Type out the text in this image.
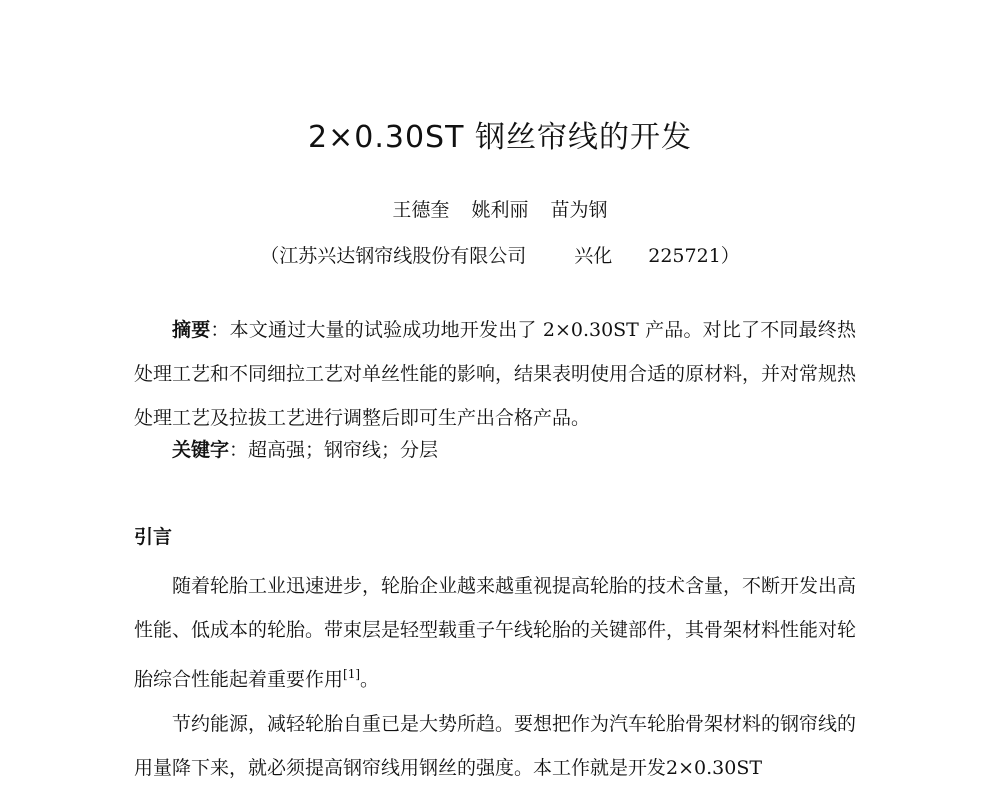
2×0.30ST 钢丝帘线的开发
王德奎 姚利丽 苗为钢
（江苏兴达钢帘线股份有限公司	兴化 225721）

摘要：本文通过大量的试验成功地开发出了 2×0.30ST 产品。对比了不同最终热处理工艺和不同细拉工艺对单丝性能的影响，结果表明使用合适的原材料，并对常规热处理工艺及拉拔工艺进行调整后即可生产出合格产品。

关键字：超高强；钢帘线；分层
引言

随着轮胎工业迅速进步，轮胎企业越来越重视提高轮胎的技术含量，不断开发出高性能、低成本的轮胎。带束层是轻型载重子午线轮胎的关键部件，其骨架材料性能对轮胎综合性能起着重要作用[1]。

节约能源，减轻轮胎自重已是大势所趋。要想把作为汽车轮胎骨架材料的钢帘线的用量降下来，就必须提高钢帘线用钢丝的强度。本工作就是开发2×0.30ST
